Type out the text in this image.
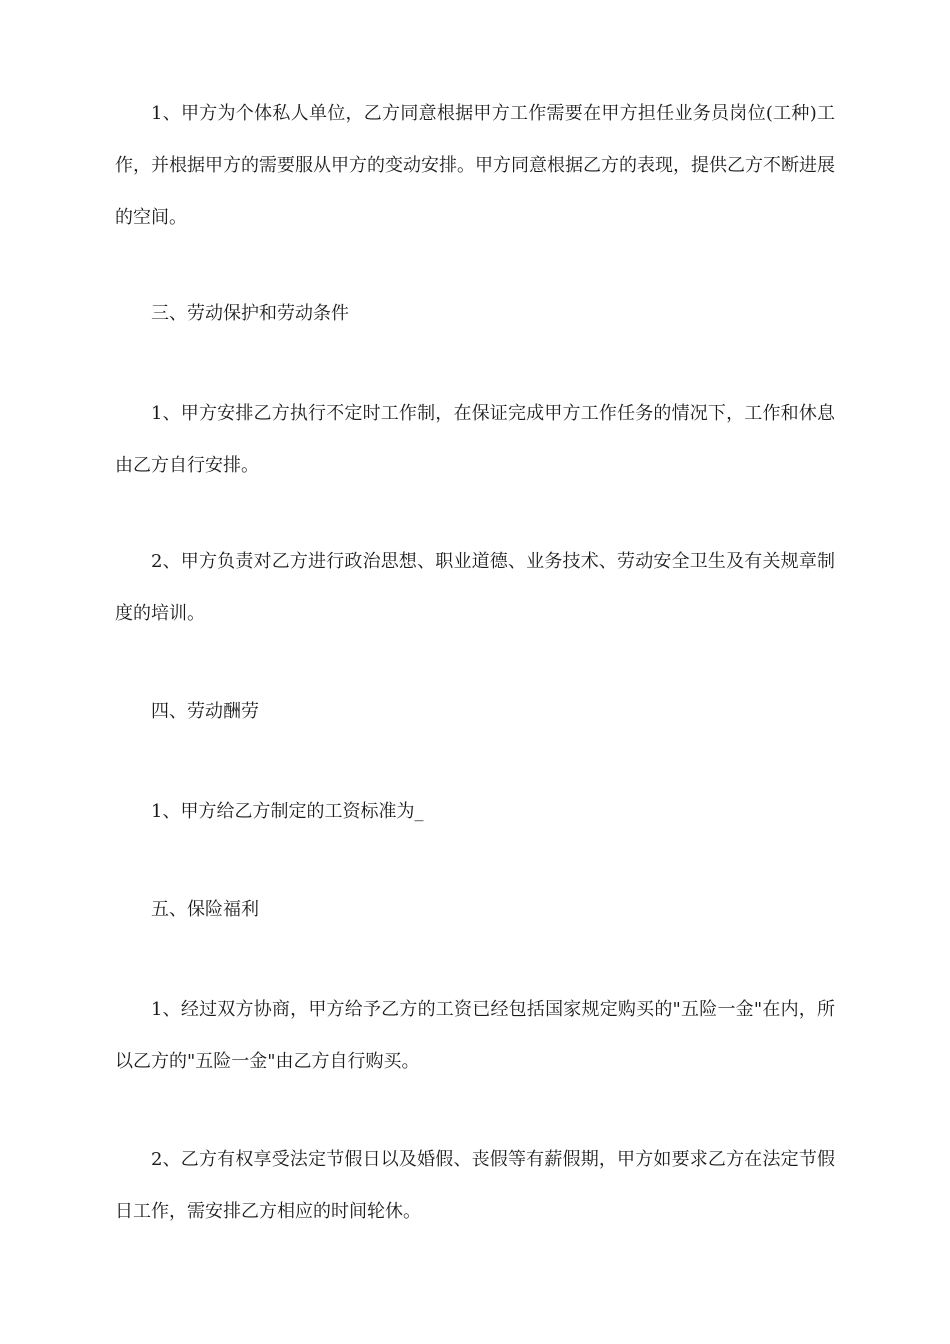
1、甲方为个体私人单位，乙方同意根据甲方工作需要在甲方担任业务员岗位(工种)工作，并根据甲方的需要服从甲方的变动安排。甲方同意根据乙方的表现，提供乙方不断进展的空间。

三、劳动保护和劳动条件

1、甲方安排乙方执行不定时工作制，在保证完成甲方工作任务的情况下，工作和休息由乙方自行安排。

2、甲方负责对乙方进行政治思想、职业道德、业务技术、劳动安全卫生及有关规章制度的培训。

四、劳动酬劳

1、甲方给乙方制定的工资标准为_

五、保险福利

1、经过双方协商，甲方给予乙方的工资已经包括国家规定购买的"五险一金"在内，所以乙方的"五险一金"由乙方自行购买。

2、乙方有权享受法定节假日以及婚假、丧假等有薪假期，甲方如要求乙方在法定节假日工作，需安排乙方相应的时间轮休。
